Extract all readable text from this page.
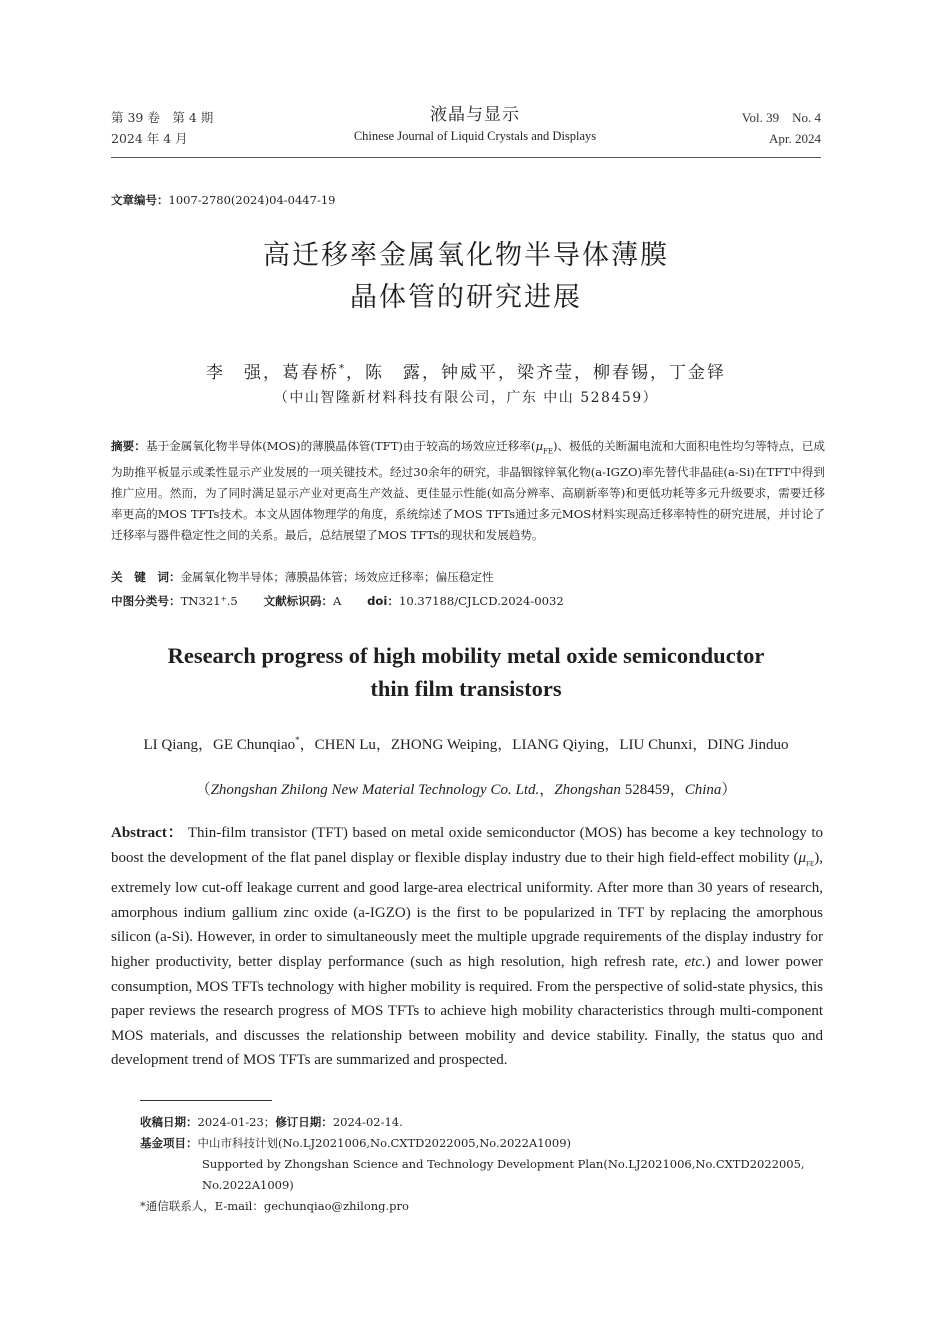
第 39 卷　第 4 期
2024 年 4 月
液晶与显示
Chinese Journal of Liquid Crystals and Displays
Vol. 39　No. 4
Apr. 2024
文章编号：1007-2780(2024)04-0447-19
高迁移率金属氧化物半导体薄膜
晶体管的研究进展
李　强，葛春桥*，陈　露，钟威平，梁齐莹，柳春锡，丁金铎
（中山智隆新材料科技有限公司，广东 中山 528459）
摘要：基于金属氧化物半导体(MOS)的薄膜晶体管(TFT)由于较高的场效应迁移率$(\mu_{FE})$、极低的关断漏电流和大面积电性均匀等特点，已成为助推平板显示或柔性显示产业发展的一项关键技术。经过30余年的研究，非晶铟镓锌氧化物(a-IGZO)率先替代非晶硅(a-Si)在TFT中得到推广应用。然而，为了同时满足显示产业对更高生产效益、更佳显示性能(如高分辨率、高刷新率等)和更低功耗等多元升级要求，需要迁移率更高的MOS TFTs技术。本文从固体物理学的角度，系统综述了MOS TFTs通过多元MOS材料实现高迁移率特性的研究进展，并讨论了迁移率与器件稳定性之间的关系。最后，总结展望了MOS TFTs的现状和发展趋势。
关　键　词：金属氧化物半导体；薄膜晶体管；场效应迁移率；偏压稳定性
中图分类号：TN321⁺.5 文献标识码：A doi：10.37188/CJLCD.2024-0032
Research progress of high mobility metal oxide semiconductor
thin film transistors
LI Qiang，GE Chunqiao*，CHEN Lu，ZHONG Weiping，LIANG Qiying，LIU Chunxi，DING Jinduo
（Zhongshan Zhilong New Material Technology Co. Ltd.，Zhongshan 528459，China）
Abstract： Thin-film transistor (TFT) based on metal oxide semiconductor (MOS) has become a key technology to boost the development of the flat panel display or flexible display industry due to their high field-effect mobility $(\mu_{FE})$, extremely low cut-off leakage current and good large-area electrical uniformity. After more than 30 years of research, amorphous indium gallium zinc oxide (a-IGZO) is the first to be popularized in TFT by replacing the amorphous silicon (a-Si). However, in order to simultaneously meet the multiple upgrade requirements of the display industry for higher productivity, better display performance (such as high resolution, high refresh rate, etc.) and lower power consumption, MOS TFTs technology with higher mobility is required. From the perspective of solid-state physics, this paper reviews the research progress of MOS TFTs to achieve high mobility characteristics through multi-component MOS materials, and discusses the relationship between mobility and device stability. Finally, the status quo and development trend of MOS TFTs are summarized and prospected.
收稿日期：2024-01-23；修订日期：2024-02-14.
基金项目：中山市科技计划(No.LJ2021006,No.CXTD2022005,No.2022A1009)
Supported by Zhongshan Science and Technology Development Plan(No.LJ2021006,No.CXTD2022005,
No.2022A1009)
*通信联系人，E-mail：gechunqiao@zhilong.pro
